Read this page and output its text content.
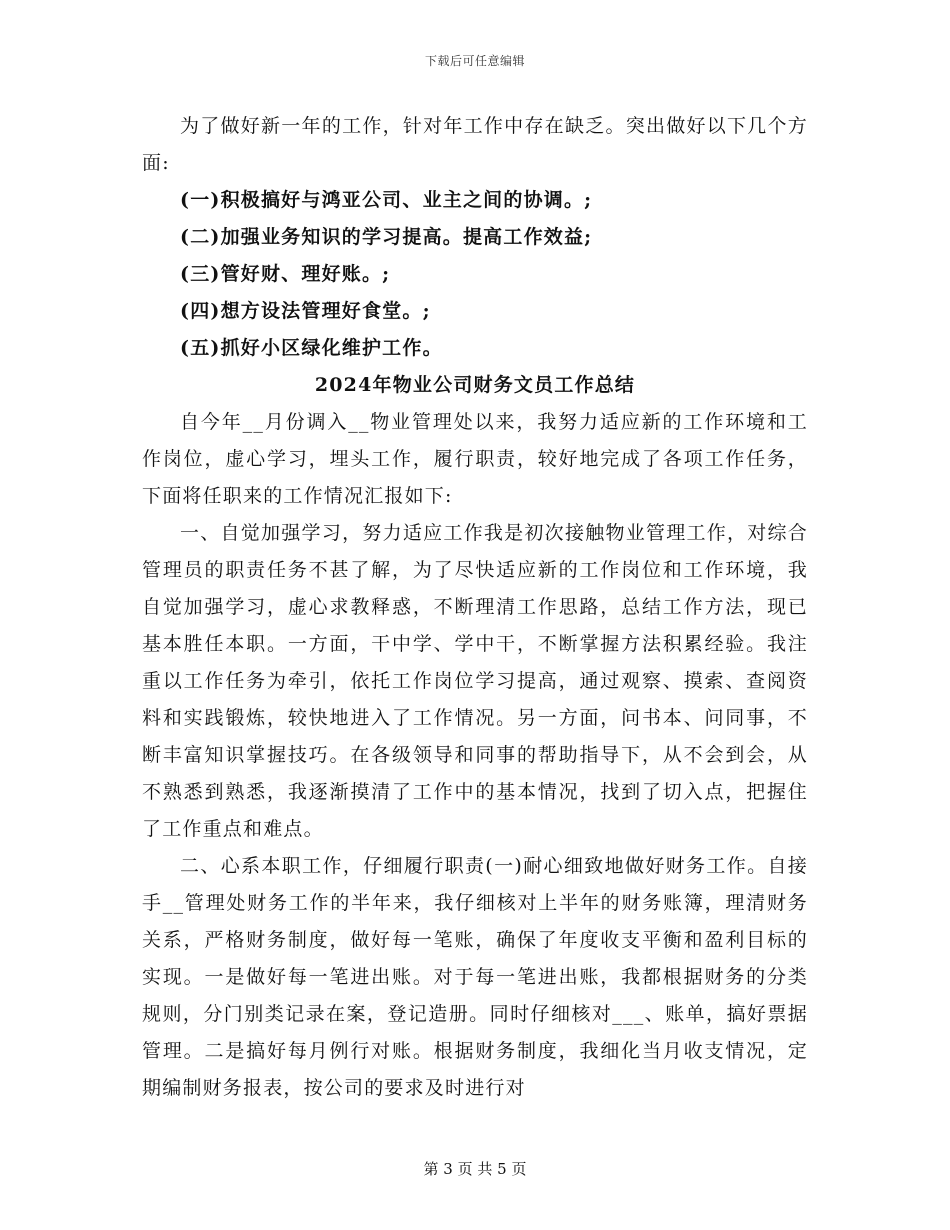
下载后可任意编辑

为了做好新一年的工作，针对年工作中存在缺乏。突出做好以下几个方面:

(一)积极搞好与鸿亚公司、业主之间的协调。;

(二)加强业务知识的学习提高。提高工作效益;

(三)管好财、理好账。;

(四)想方设法管理好食堂。;

(五)抓好小区绿化维护工作。

2024年物业公司财务文员工作总结

自今年__月份调入__物业管理处以来，我努力适应新的工作环境和工作岗位，虚心学习，埋头工作，履行职责，较好地完成了各项工作任务，下面将任职来的工作情况汇报如下:

一、自觉加强学习，努力适应工作我是初次接触物业管理工作，对综合管理员的职责任务不甚了解，为了尽快适应新的工作岗位和工作环境，我自觉加强学习，虚心求教释惑，不断理清工作思路，总结工作方法，现已基本胜任本职。一方面，干中学、学中干，不断掌握方法积累经验。我注重以工作任务为牵引，依托工作岗位学习提高，通过观察、摸索、查阅资料和实践锻炼，较快地进入了工作情况。另一方面，问书本、问同事，不断丰富知识掌握技巧。在各级领导和同事的帮助指导下，从不会到会，从不熟悉到熟悉，我逐渐摸清了工作中的基本情况，找到了切入点，把握住了工作重点和难点。

二、心系本职工作，仔细履行职责(一)耐心细致地做好财务工作。自接手__管理处财务工作的半年来，我仔细核对上半年的财务账簿，理清财务关系，严格财务制度，做好每一笔账，确保了年度收支平衡和盈利目标的实现。一是做好每一笔进出账。对于每一笔进出账，我都根据财务的分类规则，分门别类记录在案，登记造册。同时仔细核对___、账单，搞好票据管理。二是搞好每月例行对账。根据财务制度，我细化当月收支情况，定期编制财务报表，按公司的要求及时进行对

第 3 页 共 5 页
